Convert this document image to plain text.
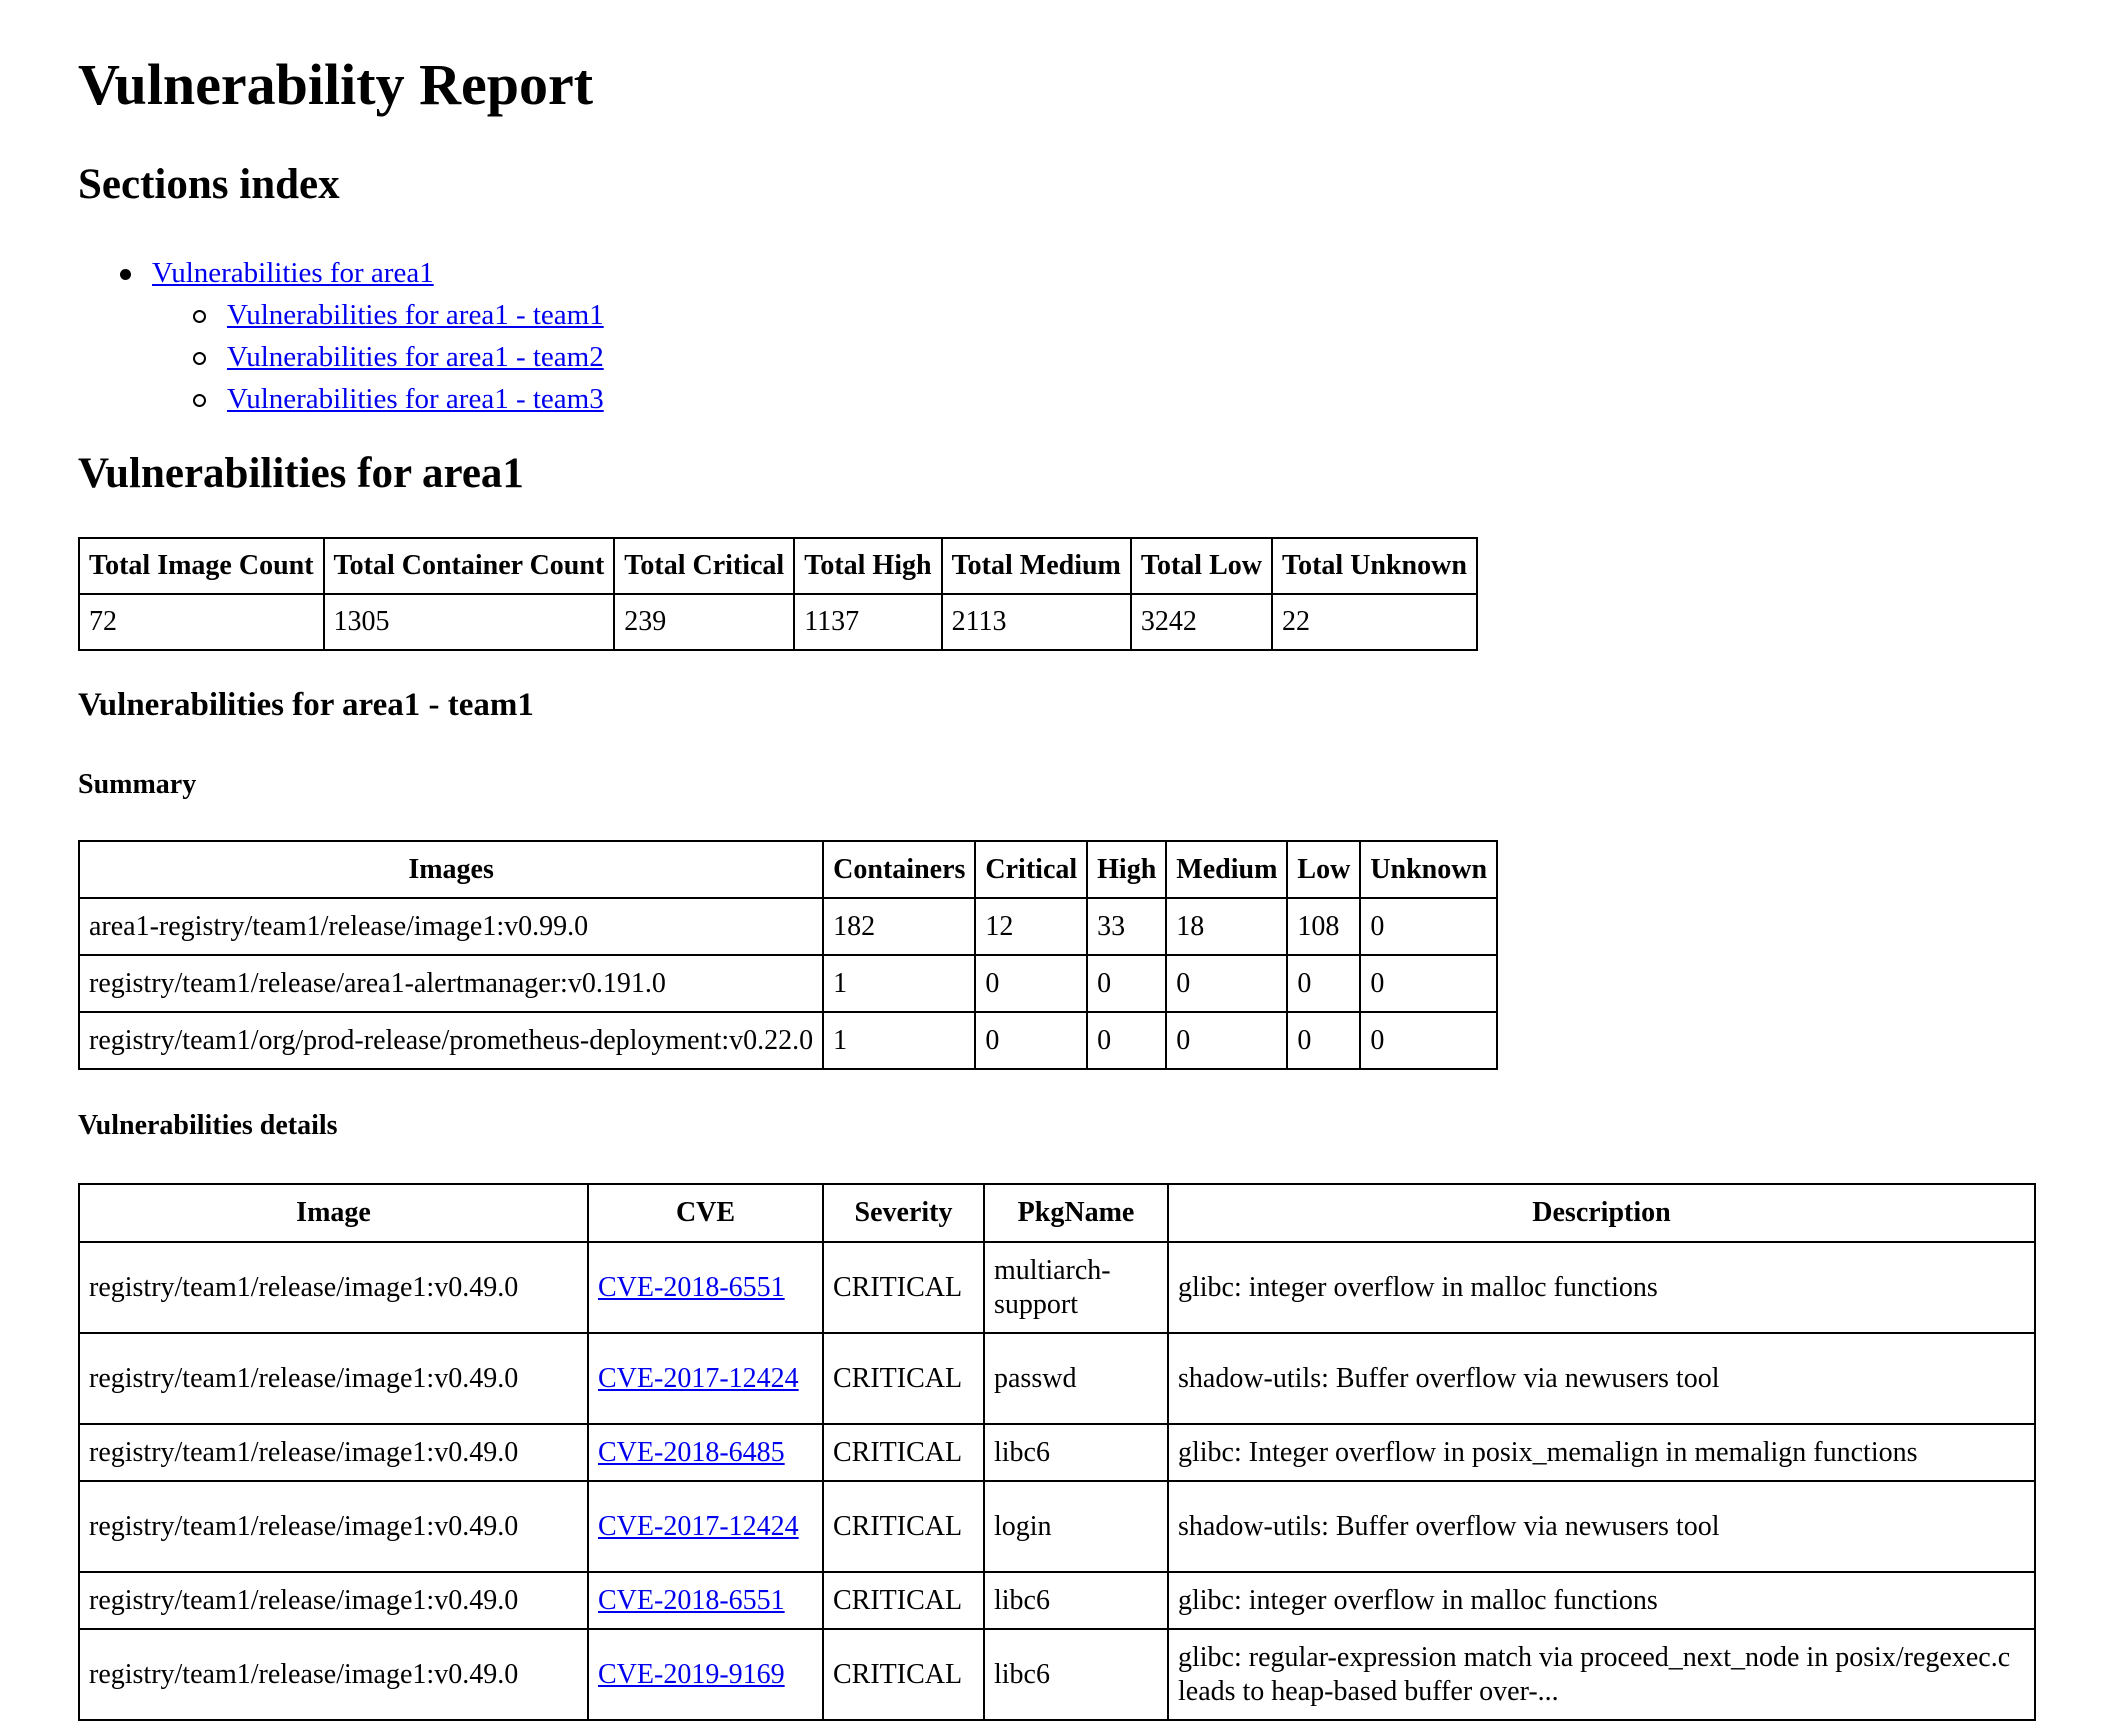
Vulnerability Report
Sections index
Vulnerabilities for area1
Vulnerabilities for area1 - team1
Vulnerabilities for area1 - team2
Vulnerabilities for area1 - team3
Vulnerabilities for area1
Total Image Count	Total Container Count	Total Critical	Total High	Total Medium	Total Low	Total Unknown
72	1305	239	1137	2113	3242	22
Vulnerabilities for area1 - team1
Summary
Images	Containers	Critical	High	Medium	Low	Unknown
area1-registry/team1/release/image1:v0.99.0	182	12	33	18	108	0
registry/team1/release/area1-alertmanager:v0.191.0	1	0	0	0	0	0
registry/team1/org/prod-release/prometheus-deployment:v0.22.0	1	0	0	0	0	0
Vulnerabilities details
Image	CVE	Severity	PkgName	Description
registry/team1/release/image1:v0.49.0	CVE-2018-6551	CRITICAL	multiarch-support	glibc: integer overflow in malloc functions
registry/team1/release/image1:v0.49.0	CVE-2017-12424	CRITICAL	passwd	shadow-utils: Buffer overflow via newusers tool
registry/team1/release/image1:v0.49.0	CVE-2018-6485	CRITICAL	libc6	glibc: Integer overflow in posix_memalign in memalign functions
registry/team1/release/image1:v0.49.0	CVE-2017-12424	CRITICAL	login	shadow-utils: Buffer overflow via newusers tool
registry/team1/release/image1:v0.49.0	CVE-2018-6551	CRITICAL	libc6	glibc: integer overflow in malloc functions
registry/team1/release/image1:v0.49.0	CVE-2019-9169	CRITICAL	libc6	glibc: regular-expression match via proceed_next_node in posix/regexec.c leads to heap-based buffer over-...
